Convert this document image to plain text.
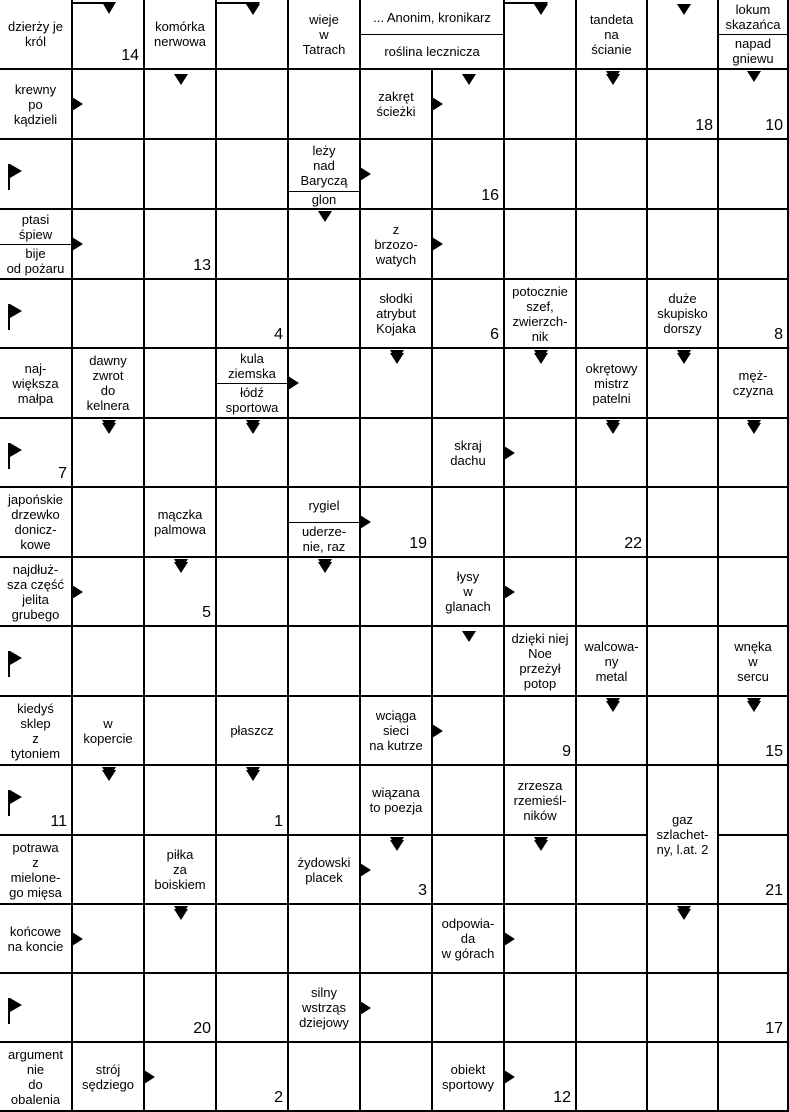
dzierży je
król
komórka
nerwowa
wieje
w
Tatrach
... Anonim, kronikarz
roślina lecznicza
tandeta
na
ścianie
lokum
skazańca
napad
gniewu
krewny
po
kądzieli
zakręt
ścieżki
leży
nad
Baryczą
glon
ptasi
śpiew
bije
od pożaru
z
brzozo-
watych
słodki
atrybut
Kojaka
potocznie
szef,
zwierzch-
nik
duże
skupisko
dorszy
naj-
większa
małpa
dawny
zwrot
do
kelnera
kula
ziemska
łódź
sportowa
okrętowy
mistrz
patelni
męż-
czyzna
skraj
dachu
japońskie
drzewko
donicz-
kowe
mączka
palmowa
rygiel
uderze-
nie, raz
najdłuż-
sza część
jelita
grubego
łysy
w
glanach
dzięki niej
Noe
przeżył
potop
walcowa-
ny
metal
wnęka
w
sercu
kiedyś
sklep
z
tytoniem
w
kopercie	płaszcz
wciąga
sieci
na kutrze
wiązana
to poezja
zrzesza
rzemieśl-
ników	gaz
szlachet-
ny, l.at. 2
potrawa
z
mielone-
go mięsa
piłka
za
boiskiem
żydowski
placek
końcowe
na koncie
odpowia-
da
w górach
silny
wstrząs
dziejowy
argument
nie
do
obalenia
strój
sędziego
obiekt
sportowy
14
18	10
16
13
4	6	8
7
19	22
5
9	15
11	1
3	21
20	17
2	12
